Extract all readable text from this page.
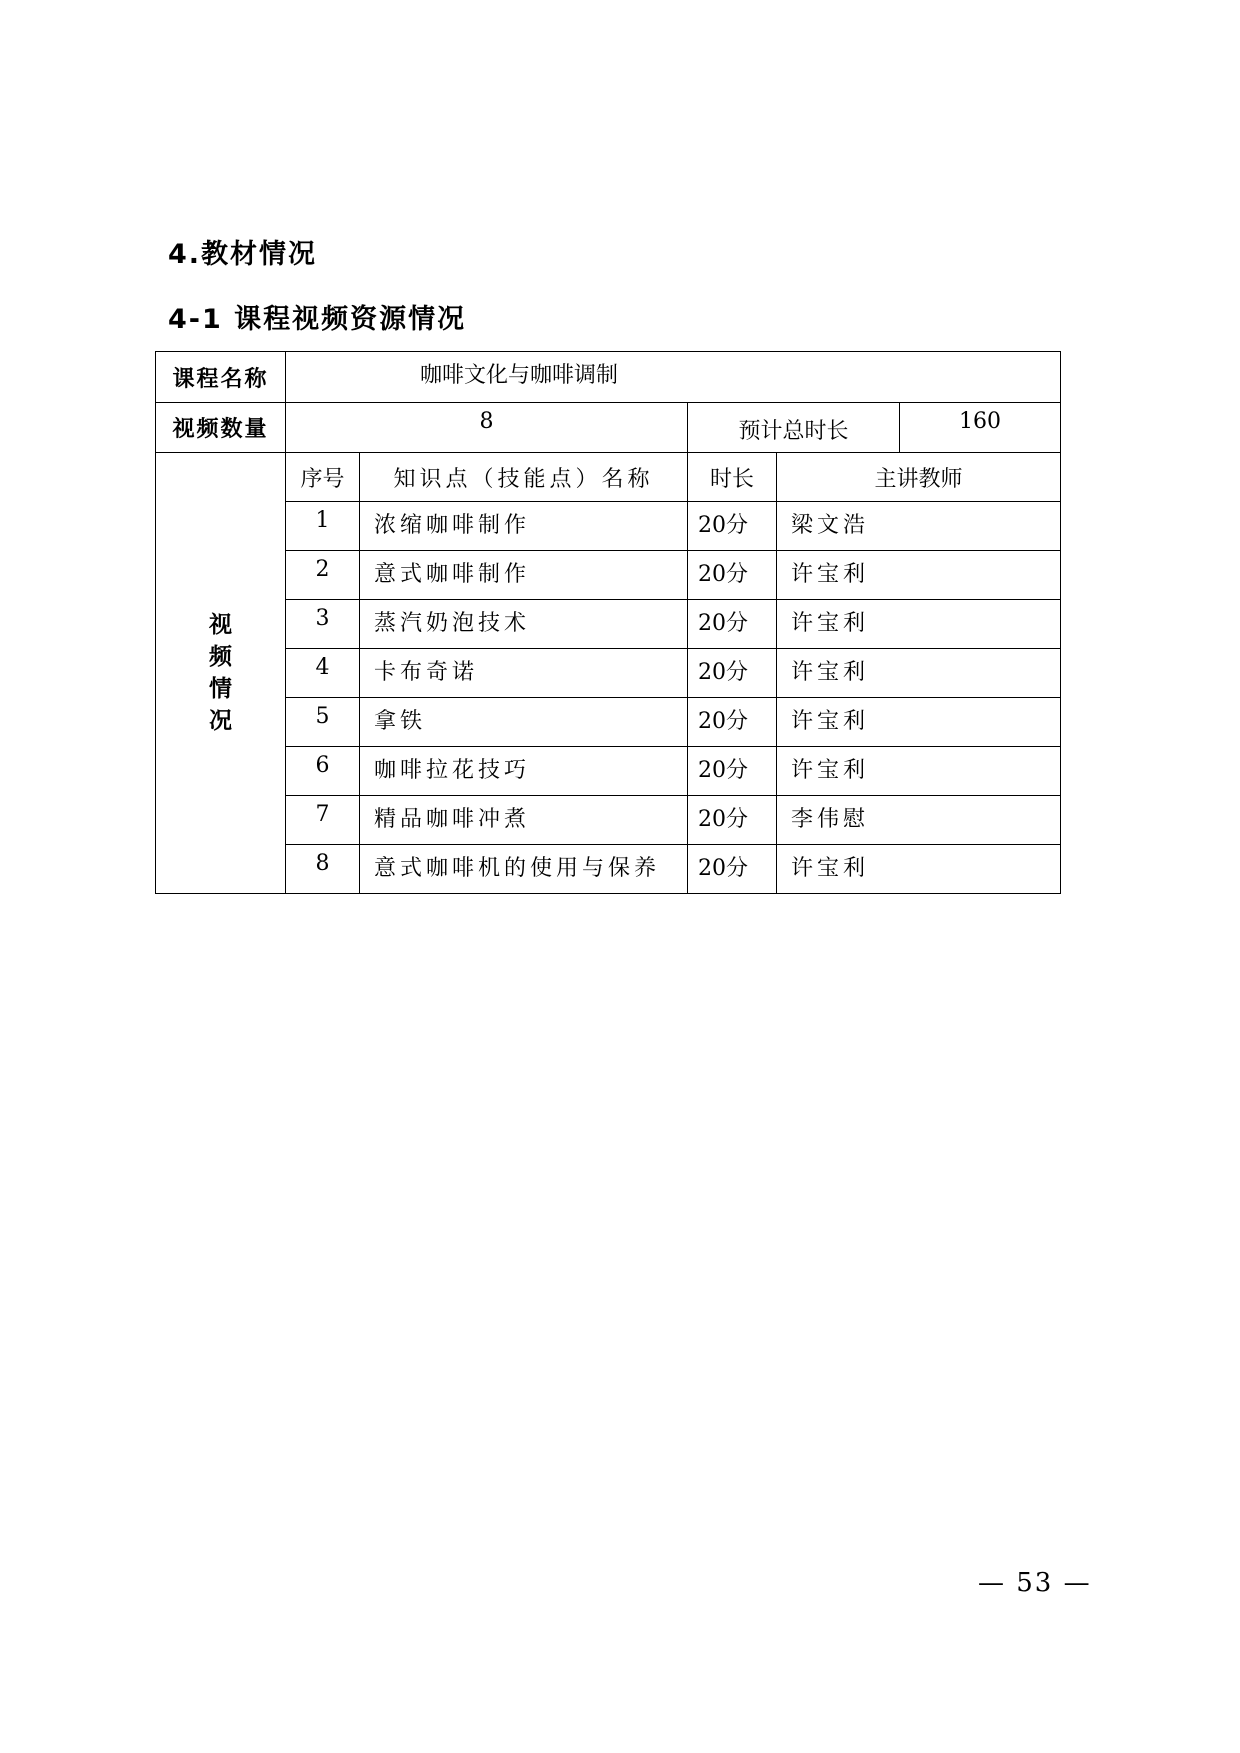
4.教材情况
4-1 课程视频资源情况
课程名称	咖啡文化与咖啡调制			
视频数量	8		预计总时长 160	

视
频
情
况	序号	知识点（技能点）名称	时长	主讲教师
	1	浓缩咖啡制作	20分	梁文浩
	2	意式咖啡制作	20分	许宝利
	3	蒸汽奶泡技术	20分	许宝利
	4	卡布奇诺	20分	许宝利
	5	拿铁	20分	许宝利
	6	咖啡拉花技巧	20分	许宝利
	7	精品咖啡冲煮	20分	李伟慰
	8	意式咖啡机的使用与保养	20分	许宝利
— 53 —
